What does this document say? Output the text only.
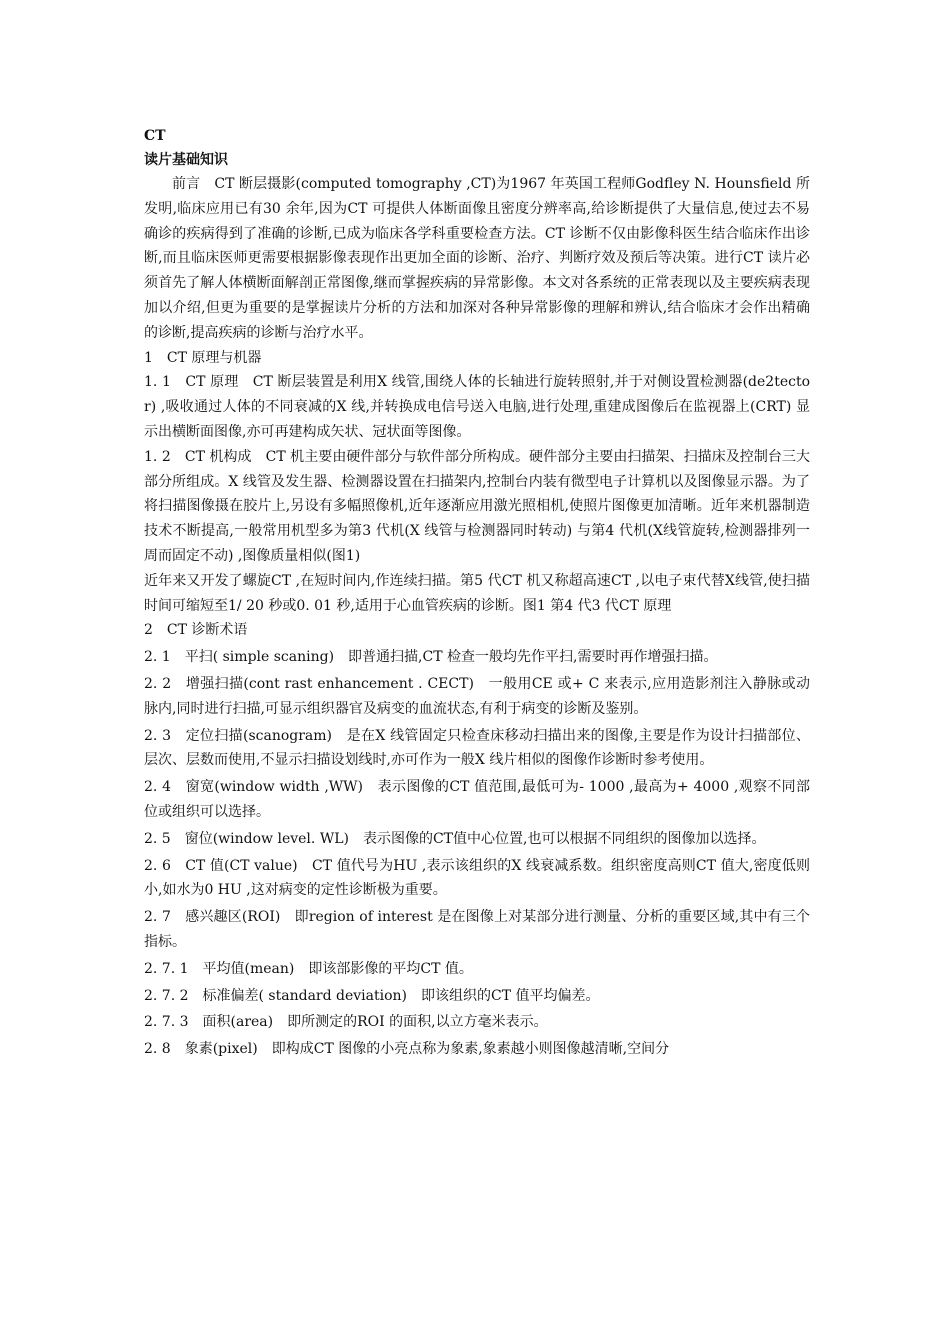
CT
读片基础知识

前言　CT 断层摄影(computed tomography ,CT)为1967 年英国工程师Godfley N. Hounsfield 所发明,临床应用已有30 余年,因为CT 可提供人体断面像且密度分辨率高,给诊断提供了大量信息,使过去不易确诊的疾病得到了准确的诊断,已成为临床各学科重要检查方法。CT 诊断不仅由影像科医生结合临床作出诊断,而且临床医师更需要根据影像表现作出更加全面的诊断、治疗、判断疗效及预后等决策。进行CT 读片必须首先了解人体横断面解剖正常图像,继而掌握疾病的异常影像。本文对各系统的正常表现以及主要疾病表现加以介绍,但更为重要的是掌握读片分析的方法和加深对各种异常影像的理解和辨认,结合临床才会作出精确的诊断,提高疾病的诊断与治疗水平。

1　CT 原理与机器

1. 1　CT 原理　CT 断层装置是利用X 线管,围绕人体的长轴进行旋转照射,并于对侧设置检测器(de2tector) ,吸收通过人体的不同衰减的X 线,并转换成电信号送入电脑,进行处理,重建成图像后在监视器上(CRT) 显示出横断面图像,亦可再建构成矢状、冠状面等图像。

1. 2　CT 机构成　CT 机主要由硬件部分与软件部分所构成。硬件部分主要由扫描架、扫描床及控制台三大部分所组成。X 线管及发生器、检测器设置在扫描架内,控制台内装有微型电子计算机以及图像显示器。为了将扫描图像摄在胶片上,另设有多幅照像机,近年逐渐应用激光照相机,使照片图像更加清晰。近年来机器制造技术不断提高,一般常用机型多为第3 代机(X 线管与检测器同时转动) 与第4 代机(X线管旋转,检测器排列一周而固定不动) ,图像质量相似(图1)

近年来又开发了螺旋CT ,在短时间内,作连续扫描。第5 代CT 机又称超高速CT ,以电子束代替X线管,使扫描时间可缩短至1/ 20 秒或0. 01 秒,适用于心血管疾病的诊断。图1 第4 代3 代CT 原理

2　CT 诊断术语

2. 1　平扫( simple scaning)　即普通扫描,CT 检查一般均先作平扫,需要时再作增强扫描。

2. 2　增强扫描(cont rast enhancement . CECT)　一般用CE 或+ C 来表示,应用造影剂注入静脉或动脉内,同时进行扫描,可显示组织器官及病变的血流状态,有利于病变的诊断及鉴别。

2. 3　定位扫描(scanogram)　是在X 线管固定只检查床移动扫描出来的图像,主要是作为设计扫描部位、层次、层数而使用,不显示扫描设划线时,亦可作为一般X 线片相似的图像作诊断时参考使用。

2. 4　窗宽(window width ,WW)　表示图像的CT 值范围,最低可为- 1000 ,最高为+ 4000 ,观察不同部位或组织可以选择。

2. 5　窗位(window level. WL)　表示图像的CT值中心位置,也可以根据不同组织的图像加以选择。

2. 6　CT 值(CT value)　CT 值代号为HU ,表示该组织的X 线衰减系数。组织密度高则CT 值大,密度低则小,如水为0 HU ,这对病变的定性诊断极为重要。

2. 7　感兴趣区(ROI)　即region of interest 是在图像上对某部分进行测量、分析的重要区域,其中有三个指标。

2. 7. 1　平均值(mean)　即该部影像的平均CT 值。

2. 7. 2　标准偏差( standard deviation)　即该组织的CT 值平均偏差。

2. 7. 3　面积(area)　即所测定的ROI 的面积,以立方毫米表示。

2. 8　象素(pixel)　即构成CT 图像的小亮点称为象素,象素越小则图像越清晰,空间分
